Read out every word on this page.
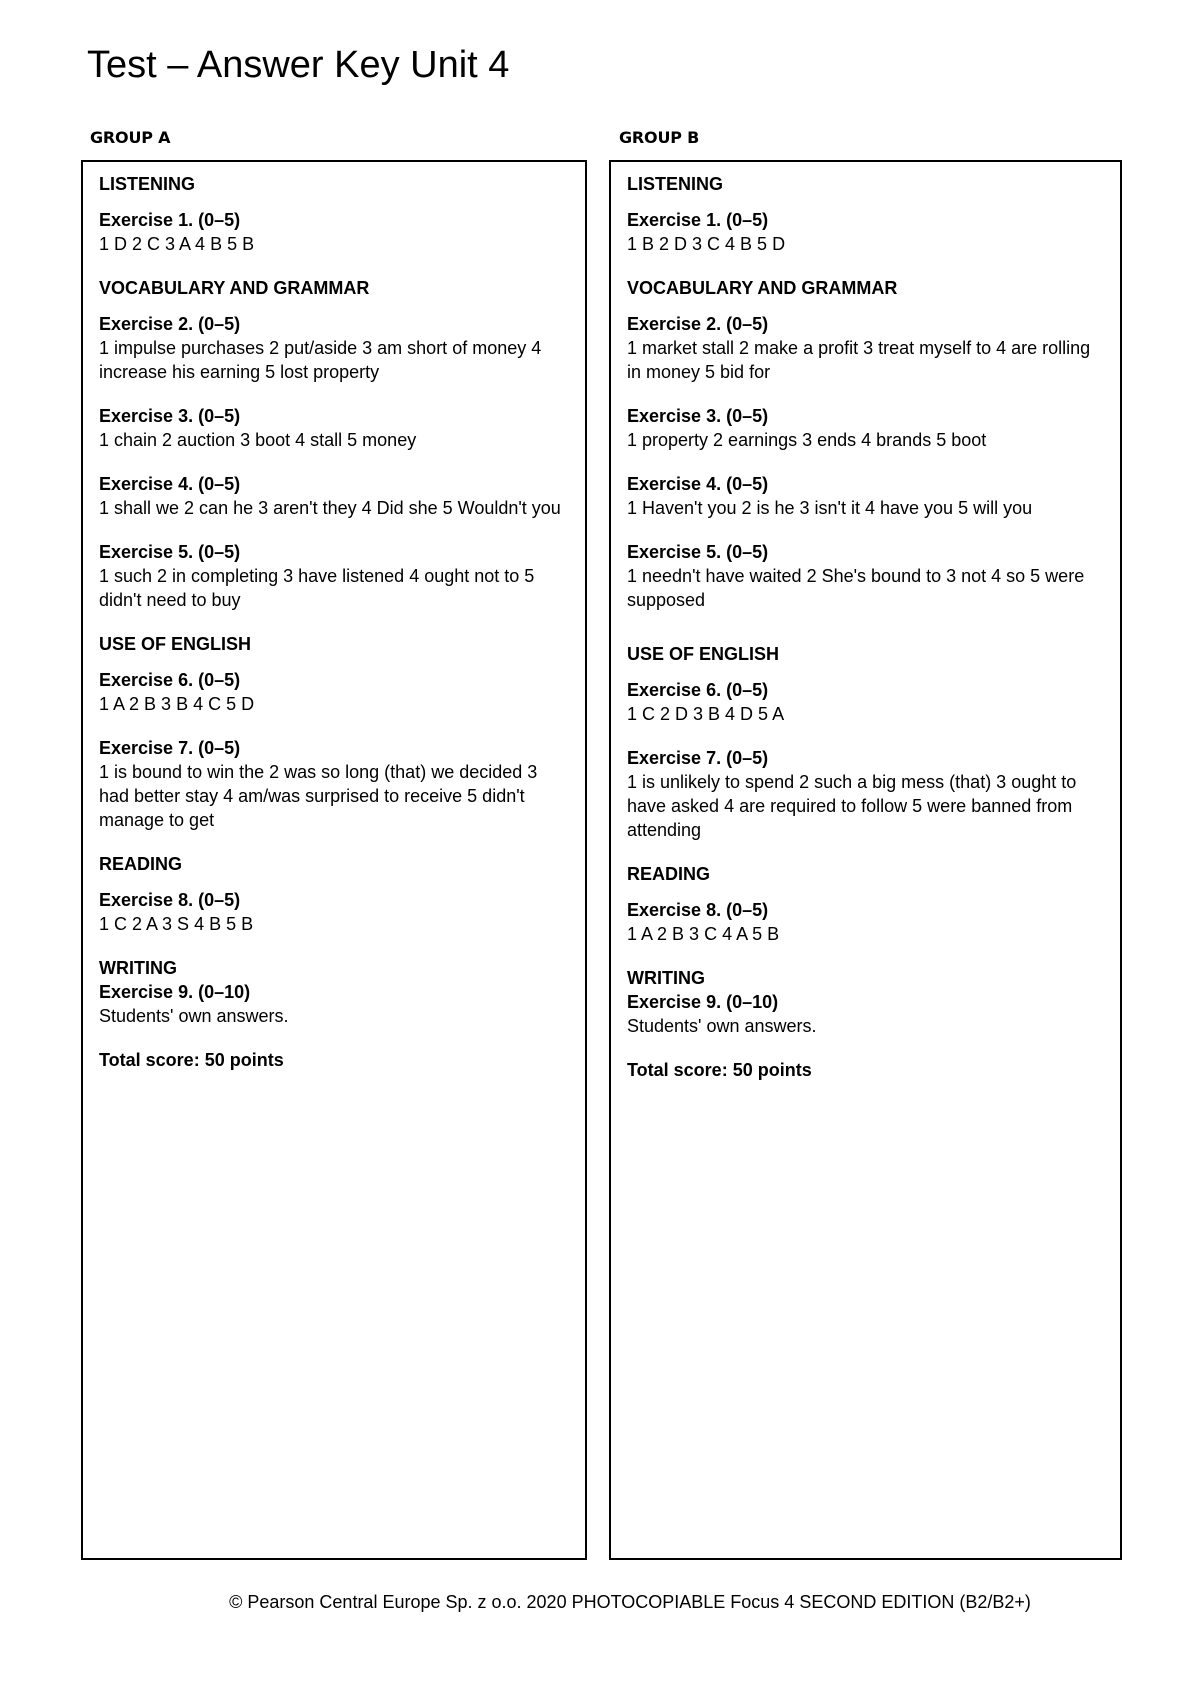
Test – Answer Key Unit 4
GROUP A	GROUP B
LISTENING
Exercise 1. (0–5)
1 D 2 C 3 A 4 B 5 B
VOCABULARY AND GRAMMAR
Exercise 2. (0–5)
1 impulse purchases 2 put/aside 3 am short of money 4 increase his earning 5 lost property
Exercise 3. (0–5)
1 chain 2 auction 3 boot 4 stall 5 money
Exercise 4. (0–5)
1 shall we 2 can he 3 aren't they 4 Did she 5 Wouldn't you
Exercise 5. (0–5)
1 such 2 in completing 3 have listened 4 ought not to 5 didn't need to buy
USE OF ENGLISH
Exercise 6. (0–5)
1 A 2 B 3 B 4 C 5 D
Exercise 7. (0–5)
1 is bound to win the 2 was so long (that) we decided 3 had better stay 4 am/was surprised to receive 5 didn't manage to get
READING
Exercise 8. (0–5)
1 C 2 A 3 S 4 B 5 B
WRITING
Exercise 9. (0–10)
Students' own answers.
Total score: 50 points
LISTENING
Exercise 1. (0–5)
1 B 2 D 3 C 4 B 5 D
VOCABULARY AND GRAMMAR
Exercise 2. (0–5)
1 market stall 2 make a profit 3 treat myself to 4 are rolling in money 5 bid for
Exercise 3. (0–5)
1 property 2 earnings 3 ends 4 brands 5 boot
Exercise 4. (0–5)
1 Haven't you 2 is he 3 isn't it 4 have you 5 will you
Exercise 5. (0–5)
1 needn't have waited 2 She's bound to 3 not 4 so 5 were supposed
USE OF ENGLISH
Exercise 6. (0–5)
1 C 2 D 3 B 4 D 5 A
Exercise 7. (0–5)
1 is unlikely to spend 2 such a big mess (that) 3 ought to have asked 4 are required to follow 5 were banned from attending
READING
Exercise 8. (0–5)
1 A 2 B 3 C 4 A 5 B
WRITING
Exercise 9. (0–10)
Students' own answers.
Total score: 50 points
© Pearson Central Europe Sp. z o.o. 2020 PHOTOCOPIABLE Focus 4 SECOND EDITION (B2/B2+)
